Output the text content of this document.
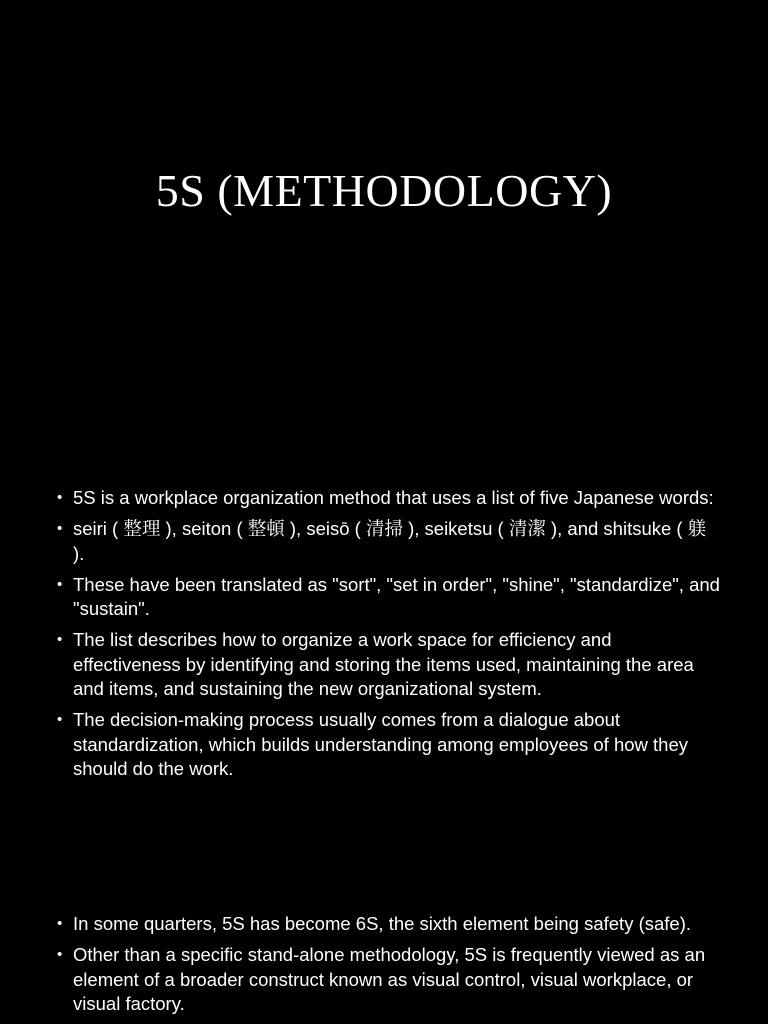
5S (METHODOLOGY)
• 5S is a workplace organization method that uses a list of five Japanese words:
• seiri ( 整理 ), seiton ( 整頓 ), seisō ( 清掃 ), seiketsu ( 清潔 ), and shitsuke ( 躾 ).
• These have been translated as "sort", "set in order", "shine", "standardize", and "sustain".
• The list describes how to organize a work space for efficiency and effectiveness by identifying and storing the items used, maintaining the area and items, and sustaining the new organizational system.
• The decision-making process usually comes from a dialogue about standardization, which builds understanding among employees of how they should do the work.
• In some quarters, 5S has become 6S, the sixth element being safety (safe).
• Other than a specific stand-alone methodology, 5S is frequently viewed as an element of a broader construct known as visual control, visual workplace, or visual factory.
